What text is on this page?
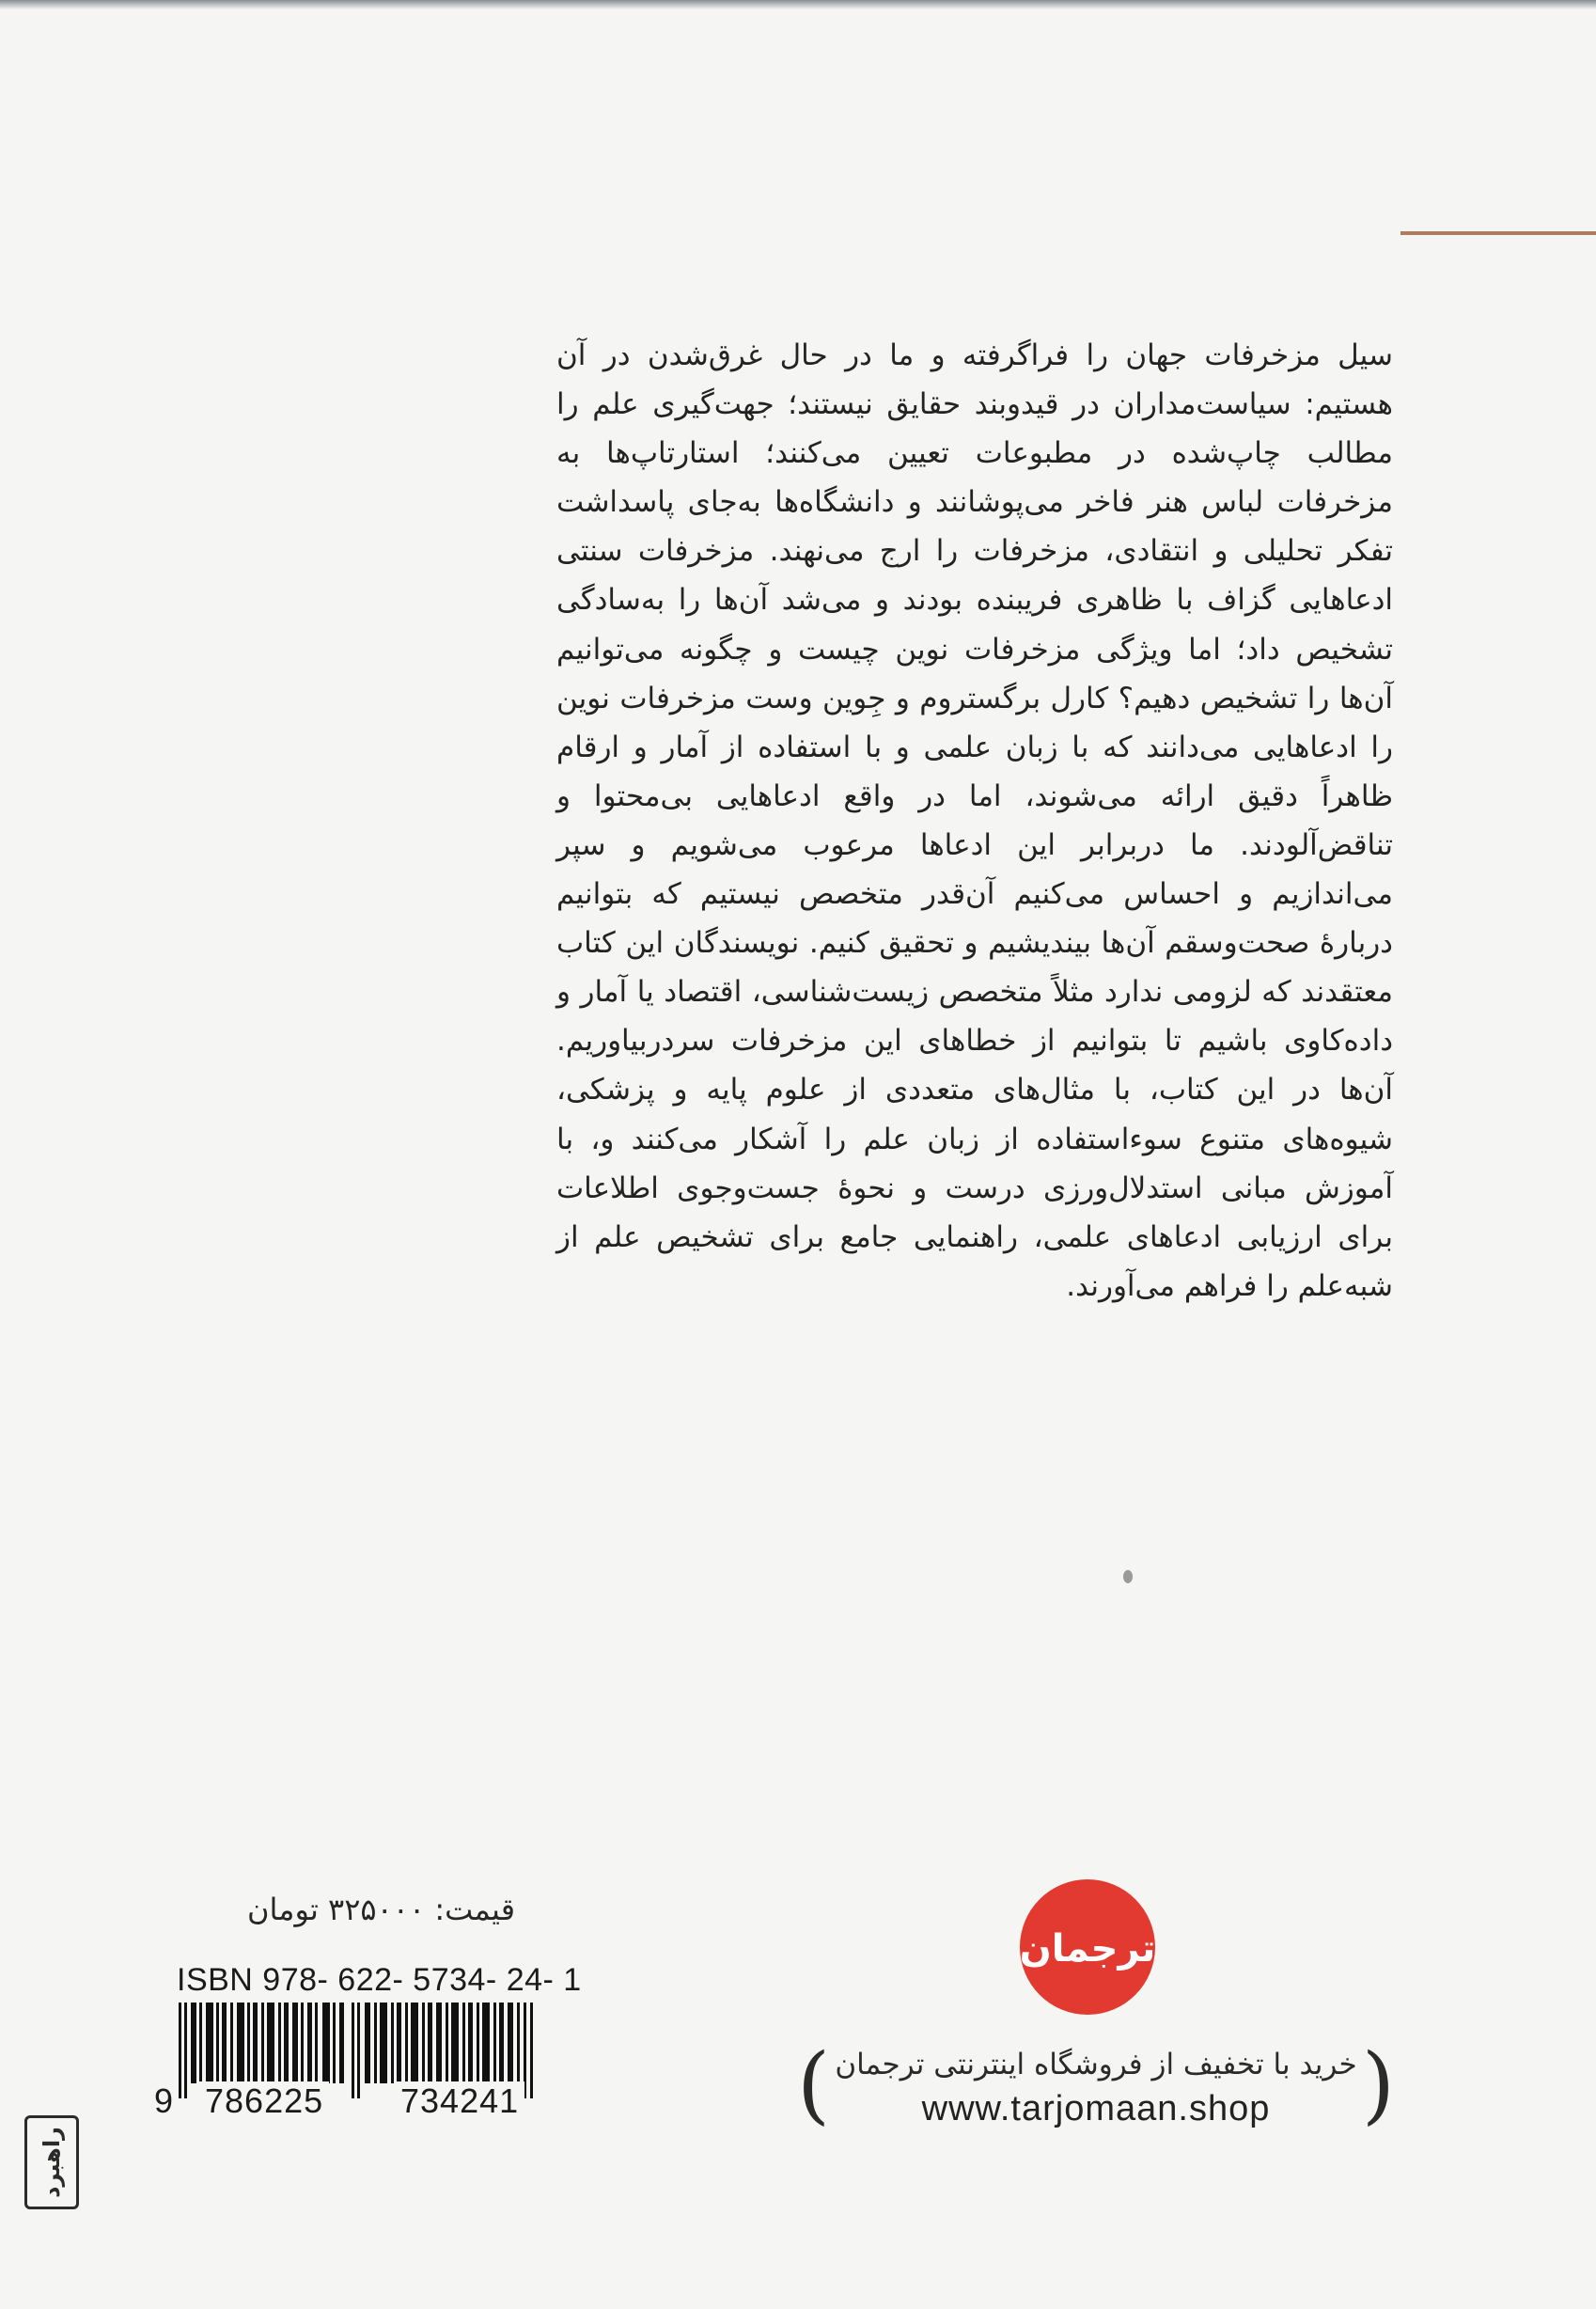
سیل مزخرفات جهان را فراگرفته و ما در حال غرق‌شدن در آن هستیم: سیاست‌مداران در قیدوبند حقایق نیستند؛ جهت‌گیری علم را مطالب چاپ‌شده در مطبوعات تعیین می‌کنند؛ استارتاپ‌ها به مزخرفات لباس هنر فاخر می‌پوشانند و دانشگاه‌ها به‌جای پاسداشت تفکر تحلیلی و انتقادی، مزخرفات را ارج می‌نهند. مزخرفات سنتی ادعاهایی گزاف با ظاهری فریبنده بودند و می‌شد آن‌ها را به‌سادگی تشخیص داد؛ اما ویژگی مزخرفات نوین چیست و چگونه می‌توانیم آن‌ها را تشخیص دهیم؟ کارل برگستروم و جِوین وست مزخرفات نوین را ادعاهایی می‌دانند که با زبان علمی و با استفاده از آمار و ارقام ظاهراً دقیق ارائه می‌شوند، اما در واقع ادعاهایی بی‌محتوا و تناقض‌آلودند. ما دربرابر این ادعاها مرعوب می‌شویم و سپر می‌اندازیم و احساس می‌کنیم آن‌قدر متخصص نیستیم که بتوانیم دربارهٔ صحت‌وسقم آن‌ها بیندیشیم و تحقیق کنیم. نویسندگان این کتاب معتقدند که لزومی ندارد مثلاً متخصص زیست‌شناسی، اقتصاد یا آمار و داده‌کاوی باشیم تا بتوانیم از خطاهای این مزخرفات سردربیاوریم. آن‌ها در این کتاب، با مثال‌های متعددی از علوم پایه و پزشکی، شیوه‌های متنوع سوءاستفاده از زبان علم را آشکار می‌کنند و، با آموزش مبانی استدلال‌ورزی درست و نحوهٔ جست‌وجوی اطلاعات برای ارزیابی ادعاهای علمی، راهنمایی جامع برای تشخیص علم از شبه‌علم را فراهم می‌آورند.

قیمت: ۳۲۵۰۰۰ تومان
ISBN 978- 622- 5734- 24- 1
9 786225 734241
ترجمان
( خرید با تخفیف از فروشگاه اینترنتی ترجمان
www.tarjomaan.shop	)
راهبرد
